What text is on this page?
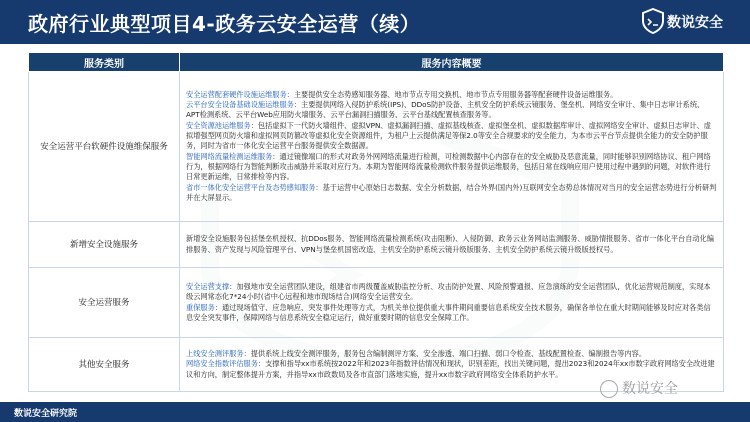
政府行业典型项目4-政务云安全运营（续）	数说安全
服务类别	服务内容概要
安全运营平台软硬件设施维保服务	安全运营配套硬件设施运维服务：主要提供安全态势感知服务器、地市节点专用交换机、地市节点专用服务器等配套硬件设备运维服务。
云平台安全设备基础设施运维服务：主要提供网络入侵防护系统(IPS)、DDoS防护设备、主机安全防护系统云镜服务、堡垒机、网络安全审计、集中日志审计系统、APT检测系统、云平台Web应用防火墙服务、云平台漏洞扫描服务、云平台基线配置核查服务等。
安全资源池运维服务：包括虚拟下一代防火墙组件、虚拟VPN、虚拟漏洞扫描、虚拟基线核查、虚拟堡垒机、虚拟数据库审计、虚拟网络安全审计、虚拟日志审计、虚拟增强型网页防火墙和虚拟网页防篡改等虚拟化安全资源组件，为租户上云提供满足等保2.0等安全合规要求的安全能力，为本市云平台节点提供全能力的安全防护服务，同时为省市一体化安全运营平台服务提供安全数据源。
智能网络流量检测运维服务：通过镜像端口的形式对政务外网网络流量进行检测，可检测数据中心内部存在的安全威胁及恶意流量，同时能够识别网络协议、租户网络行为，根据网络行为智能判断攻击威胁并采取对应行为。本期为智能网络流量检测软件服务提供运维服务，包括日常在线响应用户使用过程中遇到的问题，对软件进行日常更新运维，日常排检等内容。
省市一体化安全运营平台及态势感知服务：基于运营中心原始日志数据、安全分析数据，结合外界(国内外)互联网安全态势总体情况对当月的安全运营态势进行分析研判并在大屏显示。
新增安全设施服务	新增安全设施服务包括堡垒机授权、抗DDos服务、智能网络流量检测系统(攻击阻断)、入侵防御、政务云业务网站监测服务、威胁情报服务、省市一体化平台自动化编排服务、资产发现与风险管理平台、VPN与堡垒机国密改造、主机安全防护系统云镜升级版服务、主机安全防护系统云镜升级版授权号。
安全运营服务	安全运营支撑：加强地市安全运营团队建设，组建省市两级覆盖威胁监控分析、攻击防护处置、风险预警通报、应急演练的安全运营团队，优化运营规范制度，实现本级云网常态化7*24小时(省中心远程和地市现场结合)网络安全运营安全。
重保服务：通过现场值守、应急响应、突发事件处理等方式，为机关单位提供重大事件期间重要信息系统安全技术服务，确保各单位在重大时期间能够及时应对各类信息安全突发事件，保障网络与信息系统安全稳定运行，做好重要时期的信息安全保障工作。
其他安全服务	上线安全测评服务：提供系统上线安全测评服务，服务包含编制测评方案、安全渗透、端口扫描、弱口令检查、基线配置检查、编制报告等内容。
网络安全指数评估服务：支撑和指导xx市系统按2022年和2023年指数评估情况和现状，识别差距，找出关键问题，提出2023和2024年xx市数字政府网络安全改进建议和方向，制定整体提升方案，并指导xx市政数局及各市直部门落地实施，提升xx市数字政府网络安全体系防护水平。
数说安全
数说安全研究院
